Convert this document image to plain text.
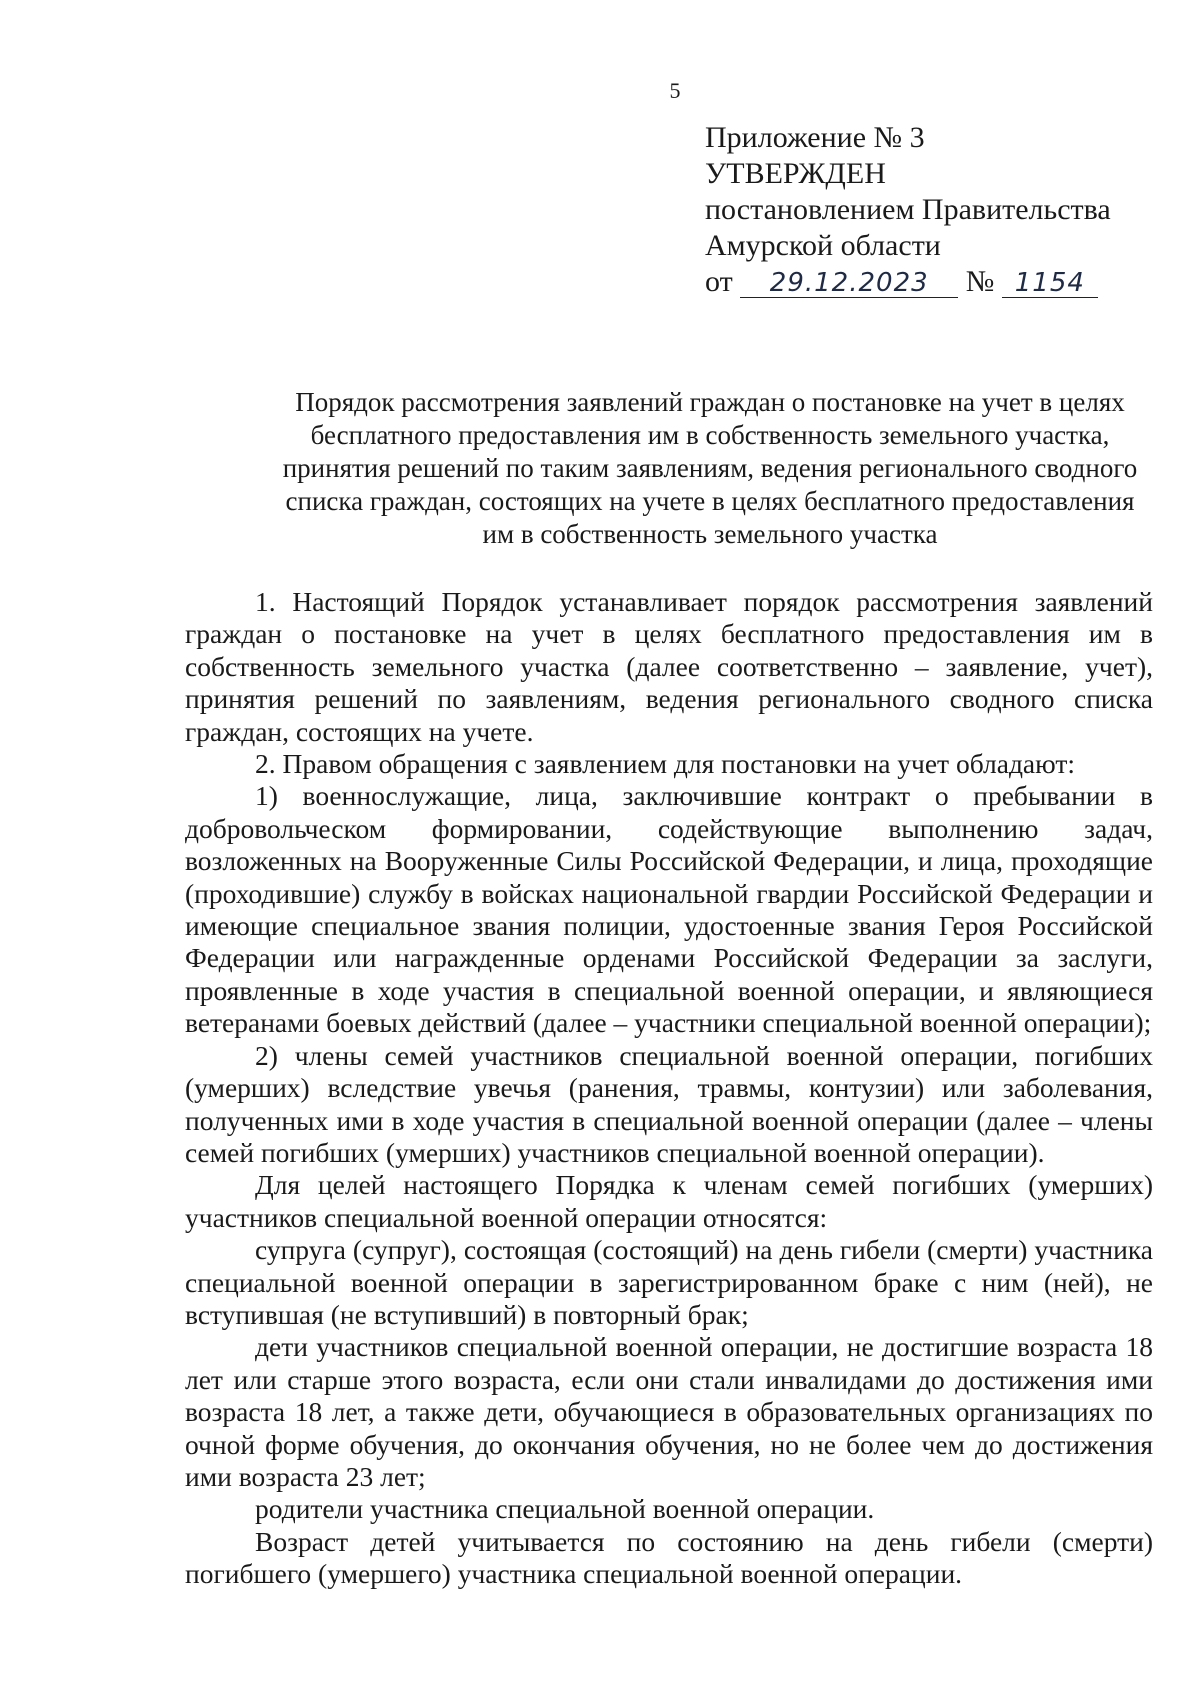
5
Приложение № 3
УТВЕРЖДЕН
постановлением Правительства
Амурской области
от 29.12.2023 № 1154
Порядок рассмотрения заявлений граждан о постановке на учет в целях
бесплатного предоставления им в собственность земельного участка,
принятия решений по таким заявлениям, ведения регионального сводного
списка граждан, состоящих на учете в целях бесплатного предоставления
им в собственность земельного участка

1. Настоящий Порядок устанавливает порядок рассмотрения заявлений граждан о постановке на учет в целях бесплатного предоставления им в собственность земельного участка (далее соответственно – заявление, учет), принятия решений по заявлениям, ведения регионального сводного списка граждан, состоящих на учете.

2. Правом обращения с заявлением для постановки на учет обладают:

1) военнослужащие, лица, заключившие контракт о пребывании в добровольческом формировании, содействующие выполнению задач, возложенных на Вооруженные Силы Российской Федерации, и лица, проходящие (проходившие) службу в войсках национальной гвардии Российской Федерации и имеющие специальное звания полиции, удостоенные звания Героя Российской Федерации или награжденные орденами Российской Федерации за заслуги, проявленные в ходе участия в специальной военной операции, и являющиеся ветеранами боевых действий (далее – участники специальной военной операции);

2) члены семей участников специальной военной операции, погибших (умерших) вследствие увечья (ранения, травмы, контузии) или заболевания, полученных ими в ходе участия в специальной военной операции (далее – члены семей погибших (умерших) участников специальной военной операции).

Для целей настоящего Порядка к членам семей погибших (умерших) участников специальной военной операции относятся:

супруга (супруг), состоящая (состоящий) на день гибели (смерти) участника специальной военной операции в зарегистрированном браке с ним (ней), не вступившая (не вступивший) в повторный брак;

дети участников специальной военной операции, не достигшие возраста 18 лет или старше этого возраста, если они стали инвалидами до достижения ими возраста 18 лет, а также дети, обучающиеся в образовательных организациях по очной форме обучения, до окончания обучения, но не более чем до достижения ими возраста 23 лет;

родители участника специальной военной операции.

Возраст детей учитывается по состоянию на день гибели (смерти) погибшего (умершего) участника специальной военной операции.
